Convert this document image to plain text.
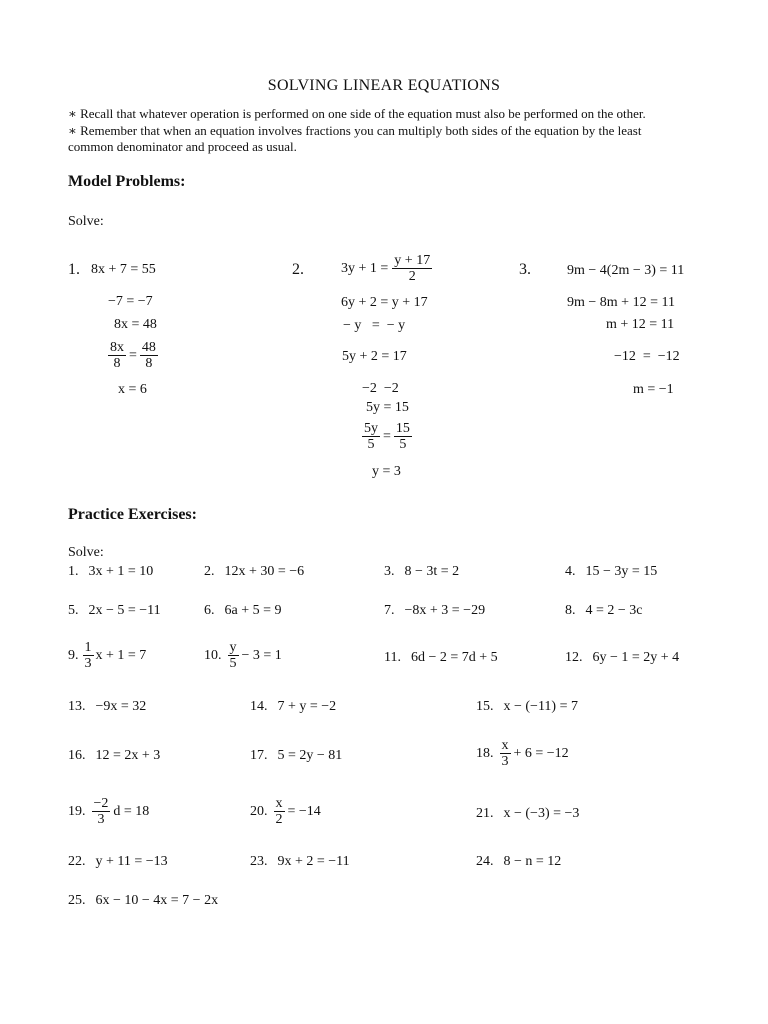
SOLVING LINEAR EQUATIONS
∗ Recall that whatever operation is performed on one side of the equation must also be performed on the other.
∗ Remember that when an equation involves fractions you can multiply both sides of the equation by the least
common denominator and proceed as usual.
Model Problems:
Solve:
1. 8x + 7 = 55
−7 = −7
8x = 48
$\frac{8x}{8} = \frac{48}{8}$
x = 6
2.	$3y + 1 = \frac{y + 17}{2}$
6y + 2 = y + 17
− y   =  − y
5y + 2 = 17
−2  −2
5y = 15
$\frac{5y}{5} = \frac{15}{5}$
y = 3
3.	9m − 4(2m − 3) = 11
9m − 8m + 12 = 11
m + 12 = 11
−12  =  −12
m = −1
Practice Exercises:
Solve:
1. 3x + 1 = 10	2. 12x + 30 = −6	3. 8 − 3t = 2	4. 15 − 3y = 15
5. 2x − 5 = −11	6. 6a + 5 = 9	7. −8x + 3 = −29	8. 4 = 2 − 3c
9. $\frac{1}{3}$ x + 1 = 7	10. $\frac{y}{5} - 3 = 1$	11. 6d − 2 = 7d + 5	12. 6y − 1 = 2y + 4
13. −9x = 32	14. 7 + y = −2	15. x − (−11) = 7
16. 12 = 2x + 3	17. 5 = 2y − 81	18. $\frac{x}{3} + 6 = -12$
19. $\frac{-2}{3}$ d = 18	20. $\frac{x}{2} = -14$	21. x − (−3) = −3
22. y + 11 = −13	23. 9x + 2 = −11	24. 8 − n = 12
25. 6x − 10 − 4x = 7 − 2x
